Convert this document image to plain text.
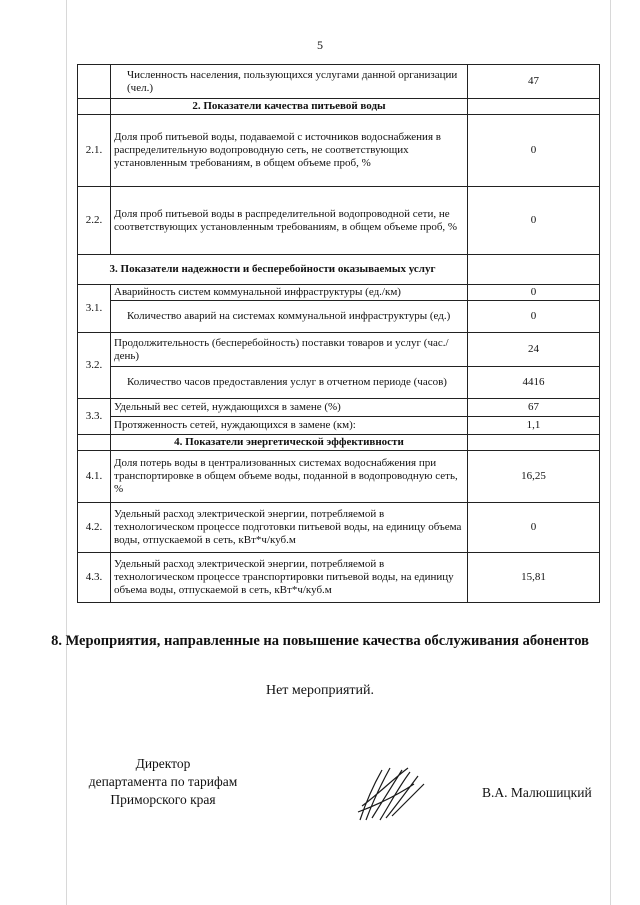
5
	Численность населения, пользующихся услугами данной организации (чел.)	47
	2. Показатели качества питьевой воды	
2.1.	Доля проб питьевой воды, подаваемой с источников водоснабжения в распределительную водопроводную сеть, не соответствующих установленным требованиям, в общем объеме проб, %	0
2.2.	Доля проб питьевой воды в распределительной водопроводной сети, не соответствующих установленным требованиям, в общем объеме проб, %	0
3. Показатели надежности и бесперебойности оказываемых услуг		
3.1.	Аварийность систем коммунальной инфраструктуры (ед./км)	0
	Количество аварий на системах коммунальной инфраструктуры (ед.)	0
3.2.	Продолжительность (бесперебойность) поставки товаров и услуг (час./день)	24
	Количество часов предоставления услуг в отчетном периоде (часов)	4416
3.3.	Удельный вес сетей, нуждающихся в замене (%)	67
	Протяженность сетей, нуждающихся в замене (км):	1,1
	4. Показатели энергетической эффективности	
4.1.	Доля потерь воды в централизованных системах водоснабжения при транспортировке в общем объеме воды, поданной в водопроводную сеть, %	16,25
4.2.	Удельный расход электрической энергии, потребляемой в технологическом процессе подготовки питьевой воды, на единицу объема воды, отпускаемой в сеть, кВт*ч/куб.м	0
4.3.	Удельный расход электрической энергии, потребляемой в технологическом процессе транспортировки питьевой воды, на единицу объема воды, отпускаемой в сеть, кВт*ч/куб.м	15,81
8. Мероприятия, направленные на повышение качества обслуживания абонентов
Нет мероприятий.
Директор
департамента по тарифам
Приморского края	В.А. Малюшицкий
